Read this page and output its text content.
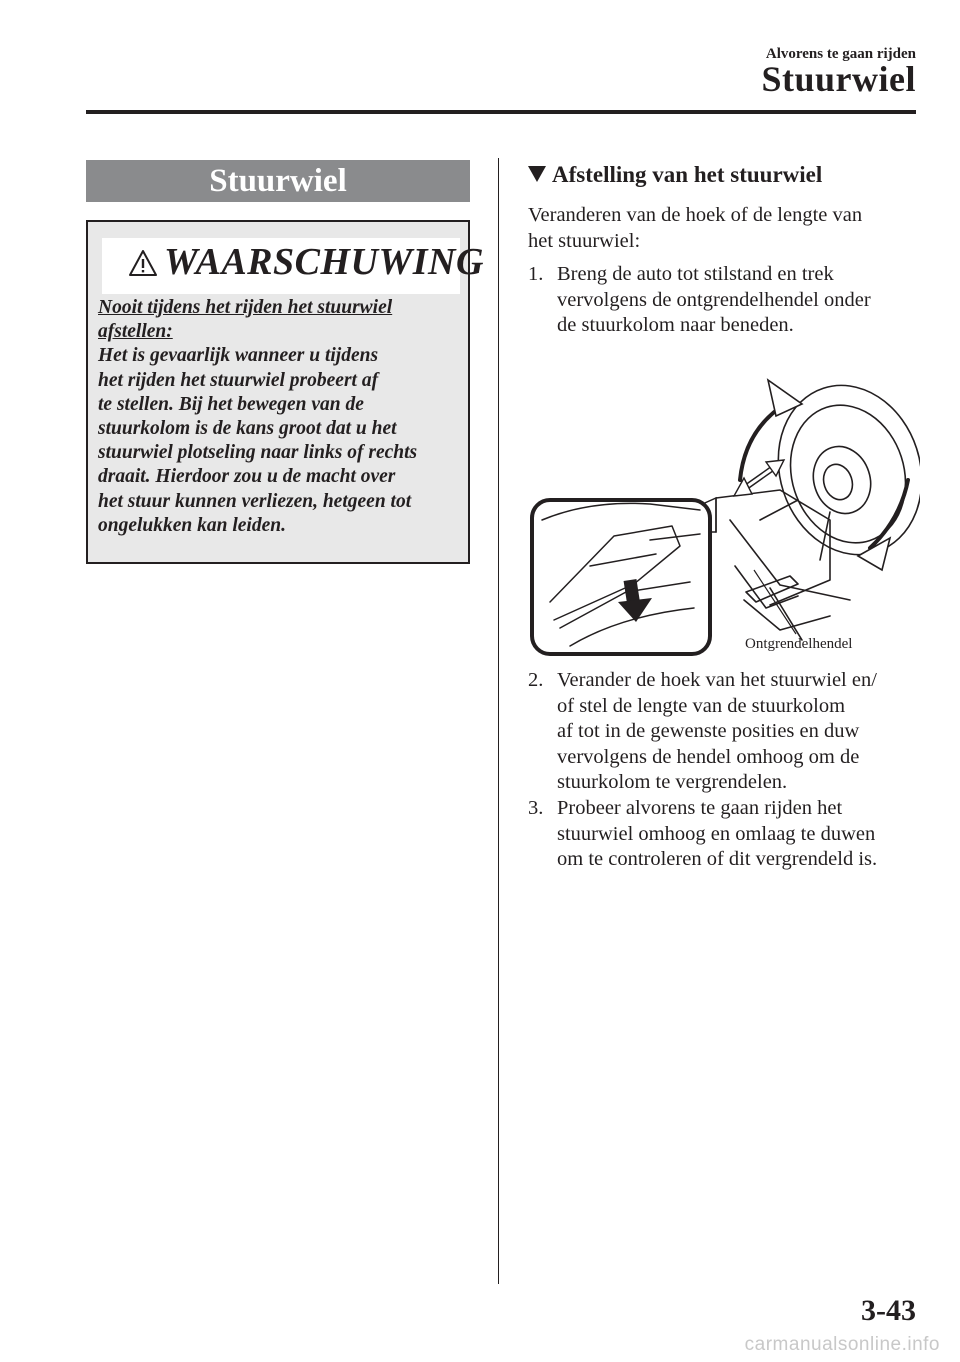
Alvorens te gaan rijden
Stuurwiel
Stuurwiel
WAARSCHUWING
Nooit tijdens het rijden het stuurwiel
afstellen:
Het is gevaarlijk wanneer u tijdens
het rijden het stuurwiel probeert af
te stellen. Bij het bewegen van de
stuurkolom is de kans groot dat u het
stuurwiel plotseling naar links of rechts
draait. Hierdoor zou u de macht over
het stuur kunnen verliezen, hetgeen tot
ongelukken kan leiden.
Afstelling van het stuurwiel
Veranderen van de hoek of de lengte van
het stuurwiel:
1. Breng de auto tot stilstand en trek
vervolgens de ontgrendelhendel onder
de stuurkolom naar beneden.
Ontgrendelhendel
2. Verander de hoek van het stuurwiel en/
of stel de lengte van de stuurkolom
af tot in de gewenste posities en duw
vervolgens de hendel omhoog om de
stuurkolom te vergrendelen.
3. Probeer alvorens te gaan rijden het
stuurwiel omhoog en omlaag te duwen
om te controleren of dit vergrendeld is.
3-43
carmanualsonline.info
